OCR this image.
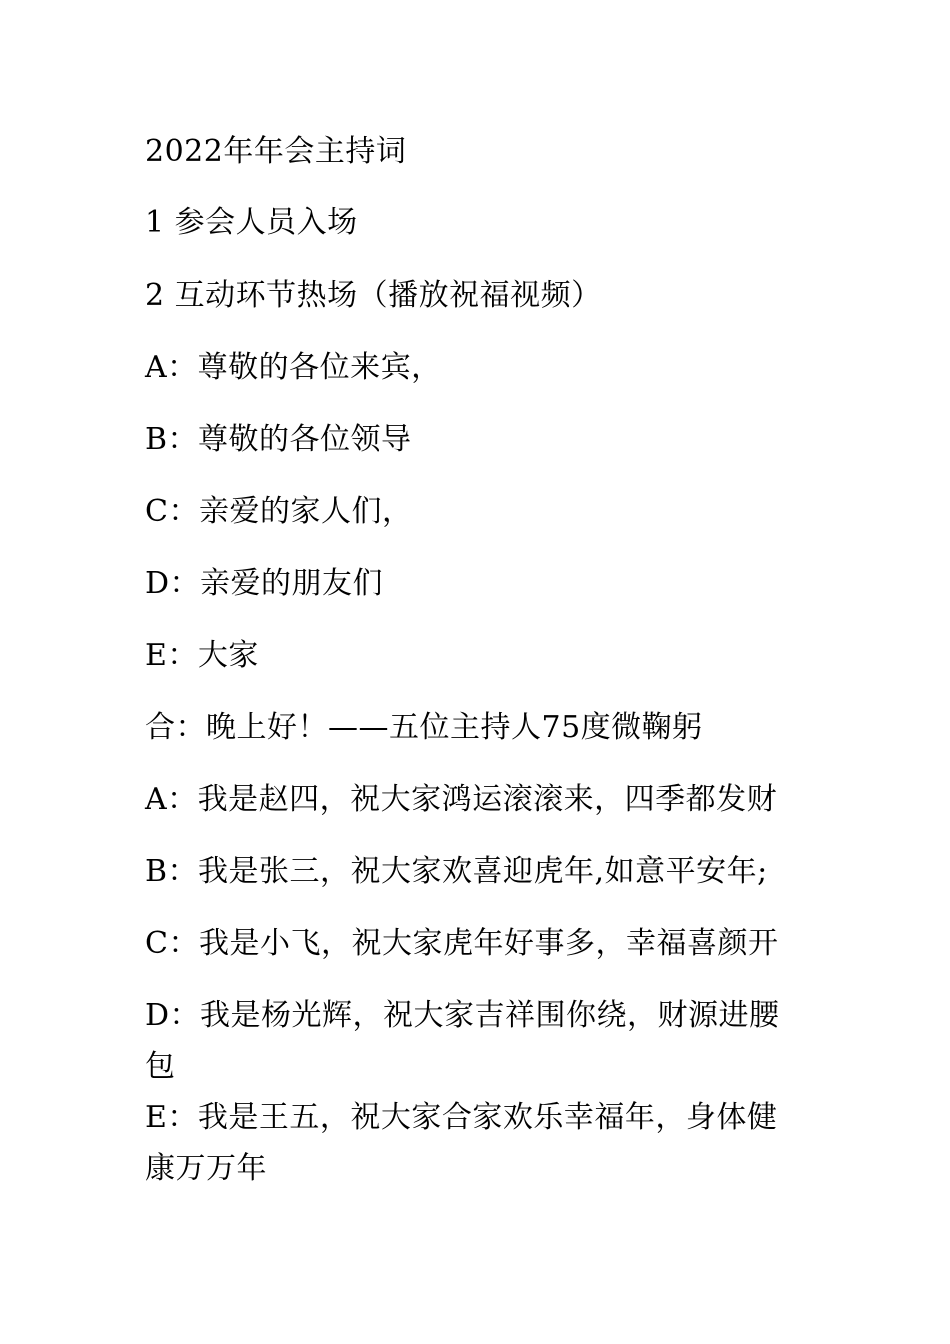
2022年年会主持词
1 参会人员入场
2 互动环节热场（播放祝福视频）
A：尊敬的各位来宾，
B：尊敬的各位领导
C：亲爱的家人们，
D：亲爱的朋友们
E：大家
合：晚上好！——五位主持人75度微鞠躬
A：我是赵四，祝大家鸿运滚滚来，四季都发财
B：我是张三，祝大家欢喜迎虎年,如意平安年;
C：我是小飞，祝大家虎年好事多，幸福喜颜开
D：我是杨光辉，祝大家吉祥围你绕，财源进腰
包
E：我是王五，祝大家合家欢乐幸福年，身体健
康万万年
